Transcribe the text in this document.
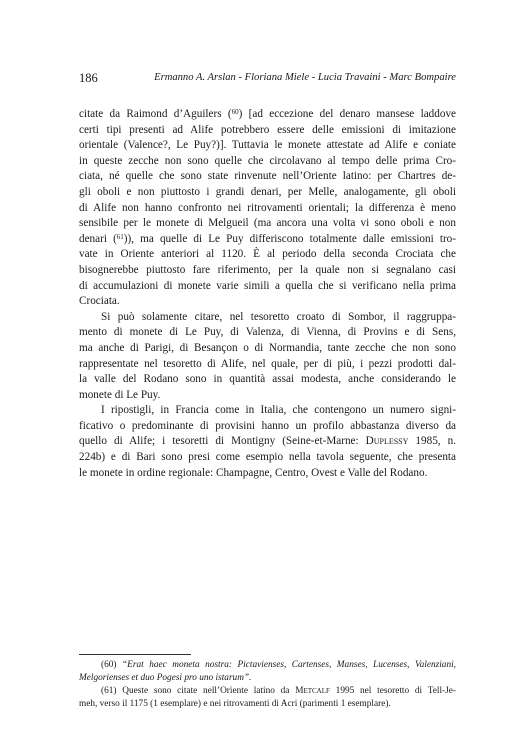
186	Ermanno A. Arslan - Floriana Miele - Lucia Travaini - Marc Bompaire

citate da Raimond d’Aguilers ($^{60}$) [ad eccezione del denaro mansese laddove
certi tipi presenti ad Alife potrebbero essere delle emissioni di imitazione
orientale (Valence?, Le Puy?)]. Tuttavia le monete attestate ad Alife e coniate
in queste zecche non sono quelle che circolavano al tempo delle prima Cro-
ciata, né quelle che sono state rinvenute nell’Oriente latino: per Chartres de-
gli oboli e non piuttosto i grandi denari, per Melle, analogamente, gli oboli
di Alife non hanno confronto nei ritrovamenti orientali; la differenza è meno
sensibile per le monete di Melgueil (ma ancora una volta vi sono oboli e non
denari ($^{61}$)), ma quelle di Le Puy differiscono totalmente dalle emissioni tro-
vate in Oriente anteriori al 1120. È al periodo della seconda Crociata che
bisognerebbe piuttosto fare riferimento, per la quale non si segnalano casi
di accumulazioni di monete varie simili a quella che si verificano nella prima
Crociata.

Si può solamente citare, nel tesoretto croato di Sombor, il raggruppa-
mento di monete di Le Puy, di Valenza, di Vienna, di Provins e di Sens,
ma anche di Parigi, di Besançon o di Normandia, tante zecche che non sono
rappresentate nel tesoretto di Alife, nel quale, per di più, i pezzi prodotti dal-
la valle del Rodano sono in quantità assai modesta, anche considerando le
monete di Le Puy.

I ripostigli, in Francia come in Italia, che contengono un numero signi-
ficativo o predominante di provisini hanno un profilo abbastanza diverso da
quello di Alife; i tesoretti di Montigny (Seine-et-Marne: Duplessy 1985, n.
224b) e di Bari sono presi come esempio nella tavola seguente, che presenta
le monete in ordine regionale: Champagne, Centro, Ovest e Valle del Rodano.

(60) “Erat haec moneta nostra: Pictavienses, Cartenses, Manses, Lucenses, Valenziani,
Melgorienses et duo Pogesi pro uno istarum”.
(61) Queste sono citate nell’Oriente latino da Metcalf 1995 nel tesoretto di Tell-Je-
meh, verso il 1175 (1 esemplare) e nei ritrovamenti di Acri (parimenti 1 esemplare).
